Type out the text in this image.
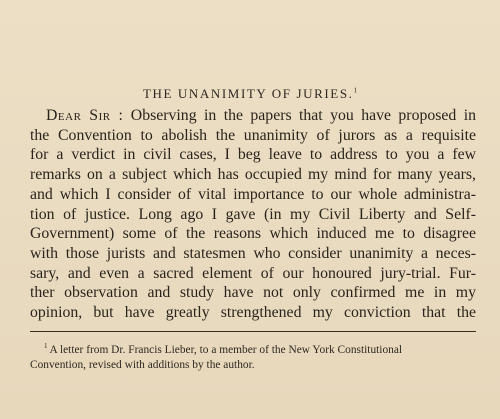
THE UNANIMITY OF JURIES.$^1$
Dear Sir : Observing in the papers that you have proposed in
the Convention to abolish the unanimity of jurors as a requisite
for a verdict in civil cases, I beg leave to address to you a few
remarks on a subject which has occupied my mind for many years,
and which I consider of vital importance to our whole administra-
tion of justice. Long ago I gave (in my Civil Liberty and Self-
Government) some of the reasons which induced me to disagree
with those jurists and statesmen who consider unanimity a neces-
sary, and even a sacred element of our honoured jury-trial. Fur-
ther observation and study have not only confirmed me in my
opinion, but have greatly strengthened my conviction that the
$^1$ A letter from Dr. Francis Lieber, to a member of the New York Constitutional
Convention, revised with additions by the author.
